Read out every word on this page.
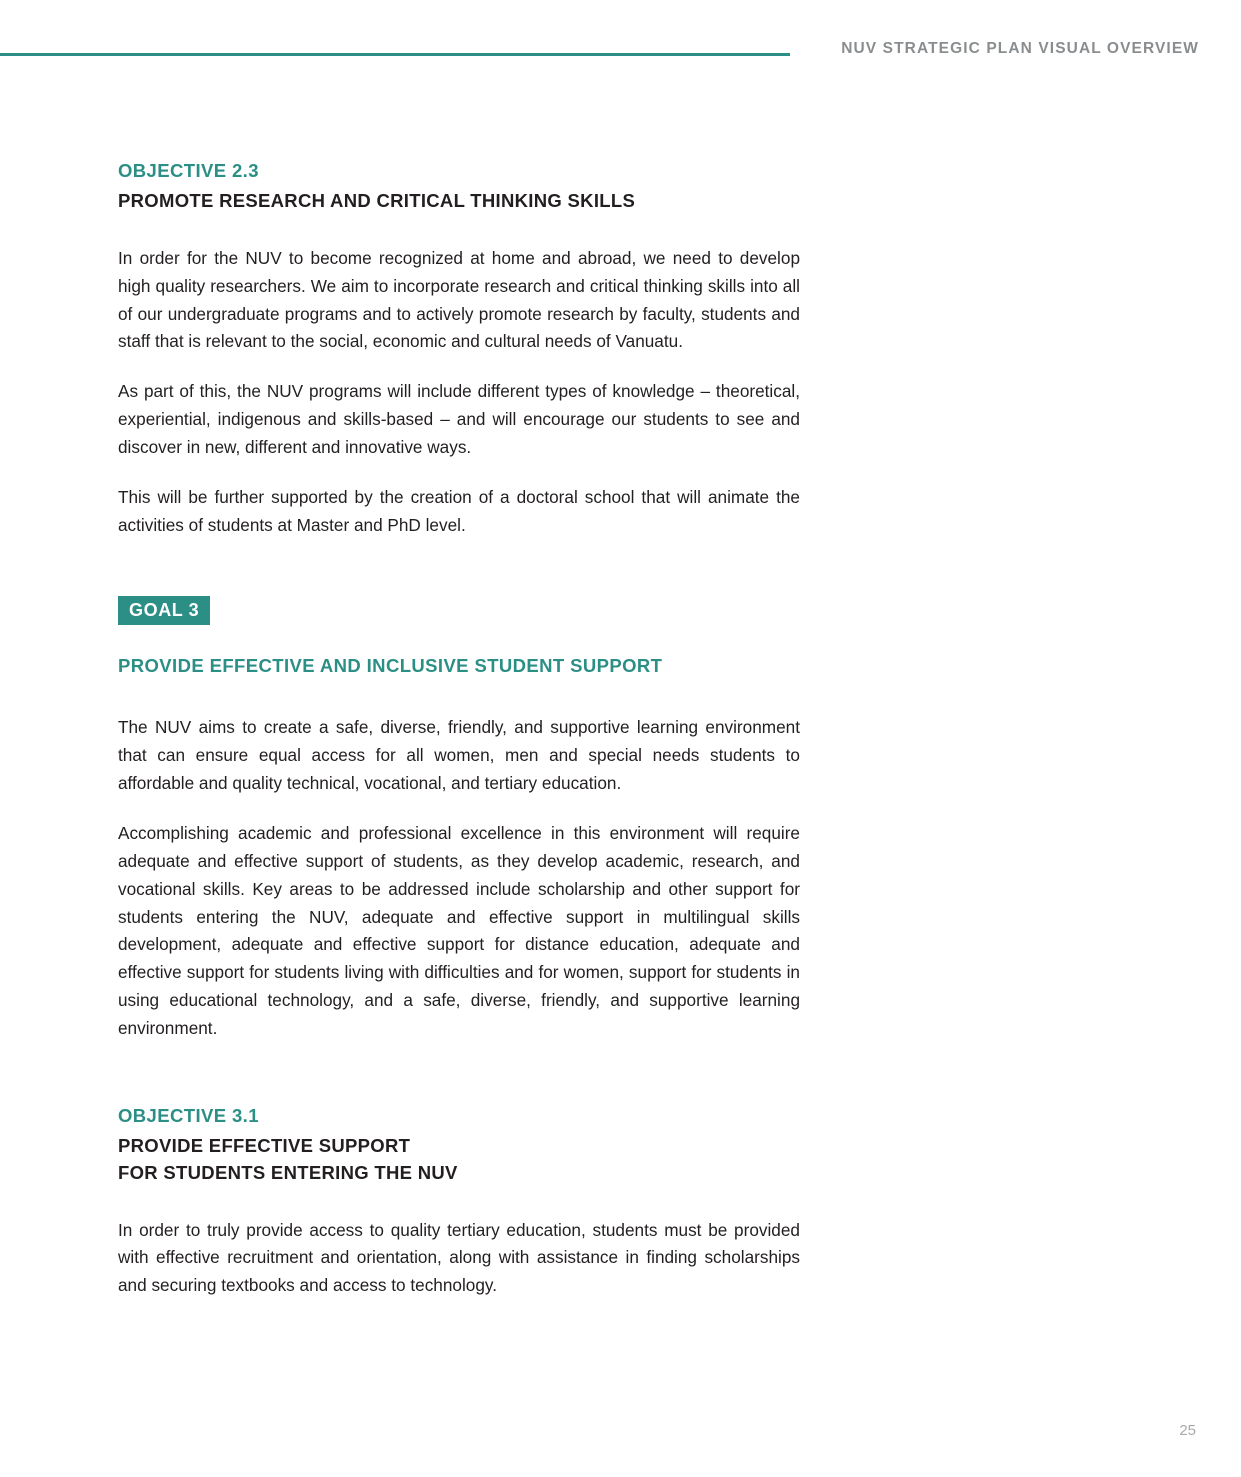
NUV STRATEGIC PLAN VISUAL OVERVIEW

OBJECTIVE 2.3

PROMOTE RESEARCH AND CRITICAL THINKING SKILLS

In order for the NUV to become recognized at home and abroad, we need to develop high quality researchers. We aim to incorporate research and critical thinking skills into all of our undergraduate programs and to actively promote research by faculty, students and staff that is relevant to the social, economic and cultural needs of Vanuatu.

As part of this, the NUV programs will include different types of knowledge – theoretical, experiential, indigenous and skills-based – and will encourage our students to see and discover in new, different and innovative ways.

This will be further supported by the creation of a doctoral school that will animate the activities of students at Master and PhD level.

GOAL 3

PROVIDE EFFECTIVE AND INCLUSIVE STUDENT SUPPORT

The NUV aims to create a safe, diverse, friendly, and supportive learning environment that can ensure equal access for all women, men and special needs students to affordable and quality technical, vocational, and tertiary education.

Accomplishing academic and professional excellence in this environment will require adequate and effective support of students, as they develop academic, research, and vocational skills. Key areas to be addressed include scholarship and other support for students entering the NUV, adequate and effective support in multilingual skills development, adequate and effective support for distance education, adequate and effective support for students living with difficulties and for women, support for students in using educational technology, and a safe, diverse, friendly, and supportive learning environment.

OBJECTIVE 3.1

PROVIDE EFFECTIVE SUPPORT

FOR STUDENTS ENTERING THE NUV

In order to truly provide access to quality tertiary education, students must be provided with effective recruitment and orientation, along with assistance in finding scholarships and securing textbooks and access to technology.

25
